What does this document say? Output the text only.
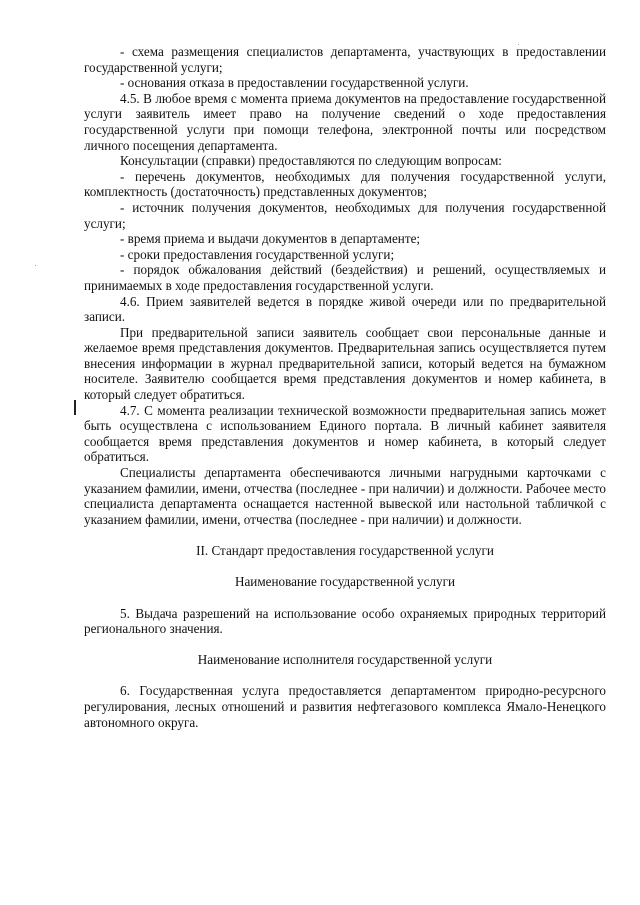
- схема размещения специалистов департамента, участвующих в предоставлении государственной услуги;

- основания отказа в предоставлении государственной услуги.

4.5. В любое время с момента приема документов на предоставление государственной услуги заявитель имеет право на получение сведений о ходе предоставления государственной услуги при помощи телефона, электронной почты или посредством личного посещения департамента.

Консультации (справки) предоставляются по следующим вопросам:

- перечень документов, необходимых для получения государственной услуги, комплектность (достаточность) представленных документов;

- источник получения документов, необходимых для получения государственной услуги;

- время приема и выдачи документов в департаменте;

- сроки предоставления государственной услуги;

- порядок обжалования действий (бездействия) и решений, осуществляемых и принимаемых в ходе предоставления государственной услуги.

4.6. Прием заявителей ведется в порядке живой очереди или по предварительной записи.

При предварительной записи заявитель сообщает свои персональные данные и желаемое время представления документов. Предварительная запись осуществляется путем внесения информации в журнал предварительной записи, который ведется на бумажном носителе. Заявителю сообщается время представления документов и номер кабинета, в который следует обратиться.

4.7. С момента реализации технической возможности предварительная запись может быть осуществлена с использованием Единого портала. В личный кабинет заявителя сообщается время представления документов и номер кабинета, в который следует обратиться.

Специалисты департамента обеспечиваются личными нагрудными карточками с указанием фамилии, имени, отчества (последнее - при наличии) и должности. Рабочее место специалиста департамента оснащается настенной вывеской или настольной табличкой с указанием фамилии, имени, отчества (последнее - при наличии) и должности.

II. Стандарт предоставления государственной услуги

Наименование государственной услуги

5. Выдача разрешений на использование особо охраняемых природных территорий регионального значения.

Наименование исполнителя государственной услуги

6. Государственная услуга предоставляется департаментом природно-ресурсного регулирования, лесных отношений и развития нефтегазового комплекса Ямало-Ненецкого автономного округа.
